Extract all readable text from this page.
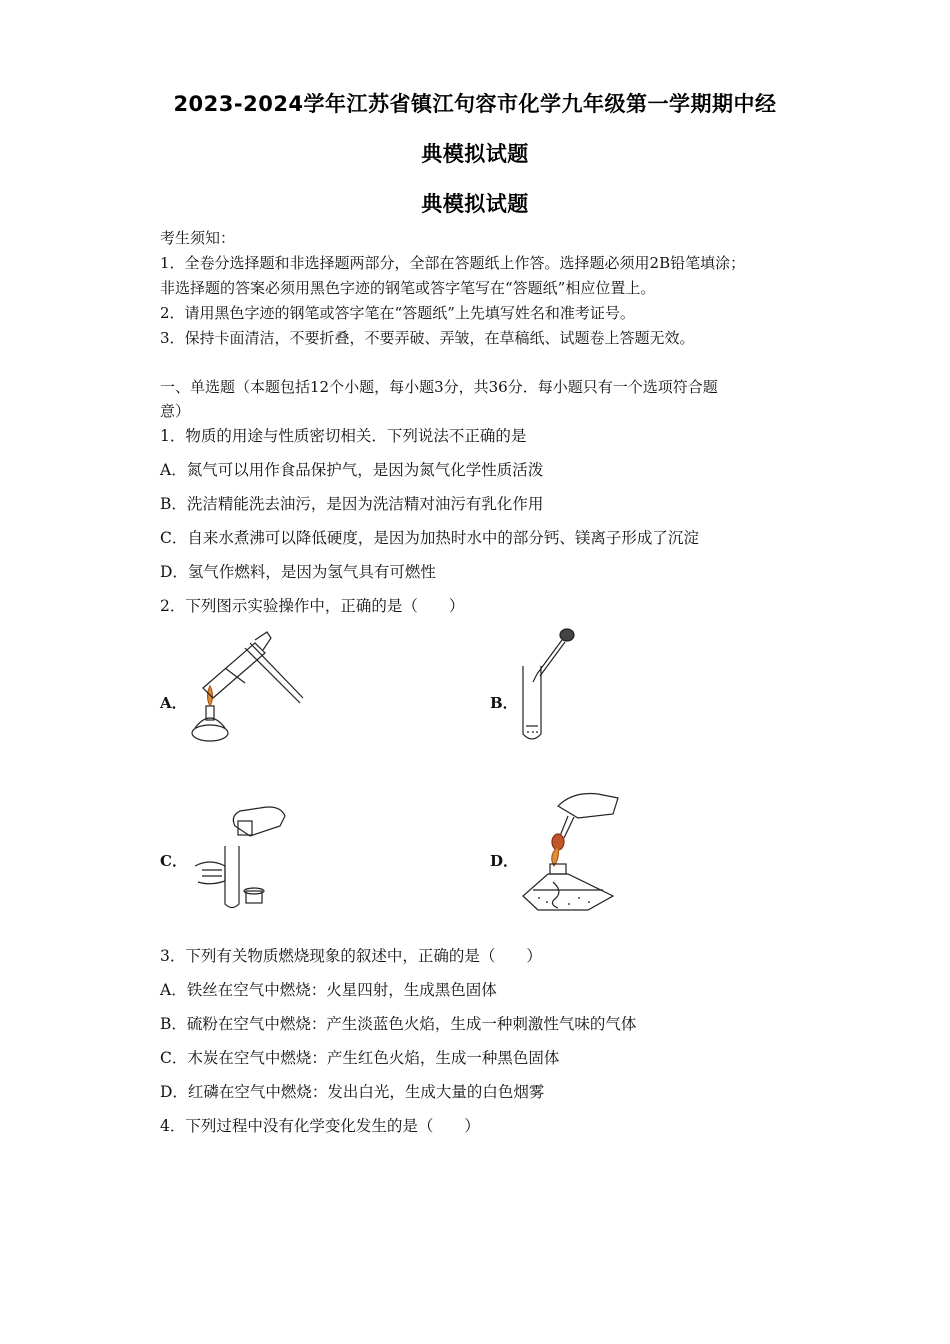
2023-2024学年江苏省镇江句容市化学九年级第一学期期中经
典模拟试题
典模拟试题
考生须知：
1．全卷分选择题和非选择题两部分，全部在答题纸上作答。选择题必须用2B铅笔填涂；
非选择题的答案必须用黑色字迹的钢笔或答字笔写在“答题纸”相应位置上。
2．请用黑色字迹的钢笔或答字笔在“答题纸”上先填写姓名和准考证号。
3．保持卡面清洁，不要折叠，不要弄破、弄皱，在草稿纸、试题卷上答题无效。
一、单选题（本题包括12个小题，每小题3分，共36分．每小题只有一个选项符合题
意）
1．物质的用途与性质密切相关．下列说法不正确的是
A．氮气可以用作食品保护气，是因为氮气化学性质活泼
B．洗洁精能洗去油污，是因为洗洁精对油污有乳化作用
C．自来水煮沸可以降低硬度，是因为加热时水中的部分钙、镁离子形成了沉淀
D．氢气作燃料，是因为氢气具有可燃性
2．下列图示实验操作中，正确的是（　　）
A．	B．
C．	D．
3．下列有关物质燃烧现象的叙述中，正确的是（　　）
A．铁丝在空气中燃烧：火星四射，生成黑色固体
B．硫粉在空气中燃烧：产生淡蓝色火焰，生成一种刺激性气味的气体
C．木炭在空气中燃烧：产生红色火焰，生成一种黑色固体
D．红磷在空气中燃烧：发出白光，生成大量的白色烟雾
4．下列过程中没有化学变化发生的是（　　）
